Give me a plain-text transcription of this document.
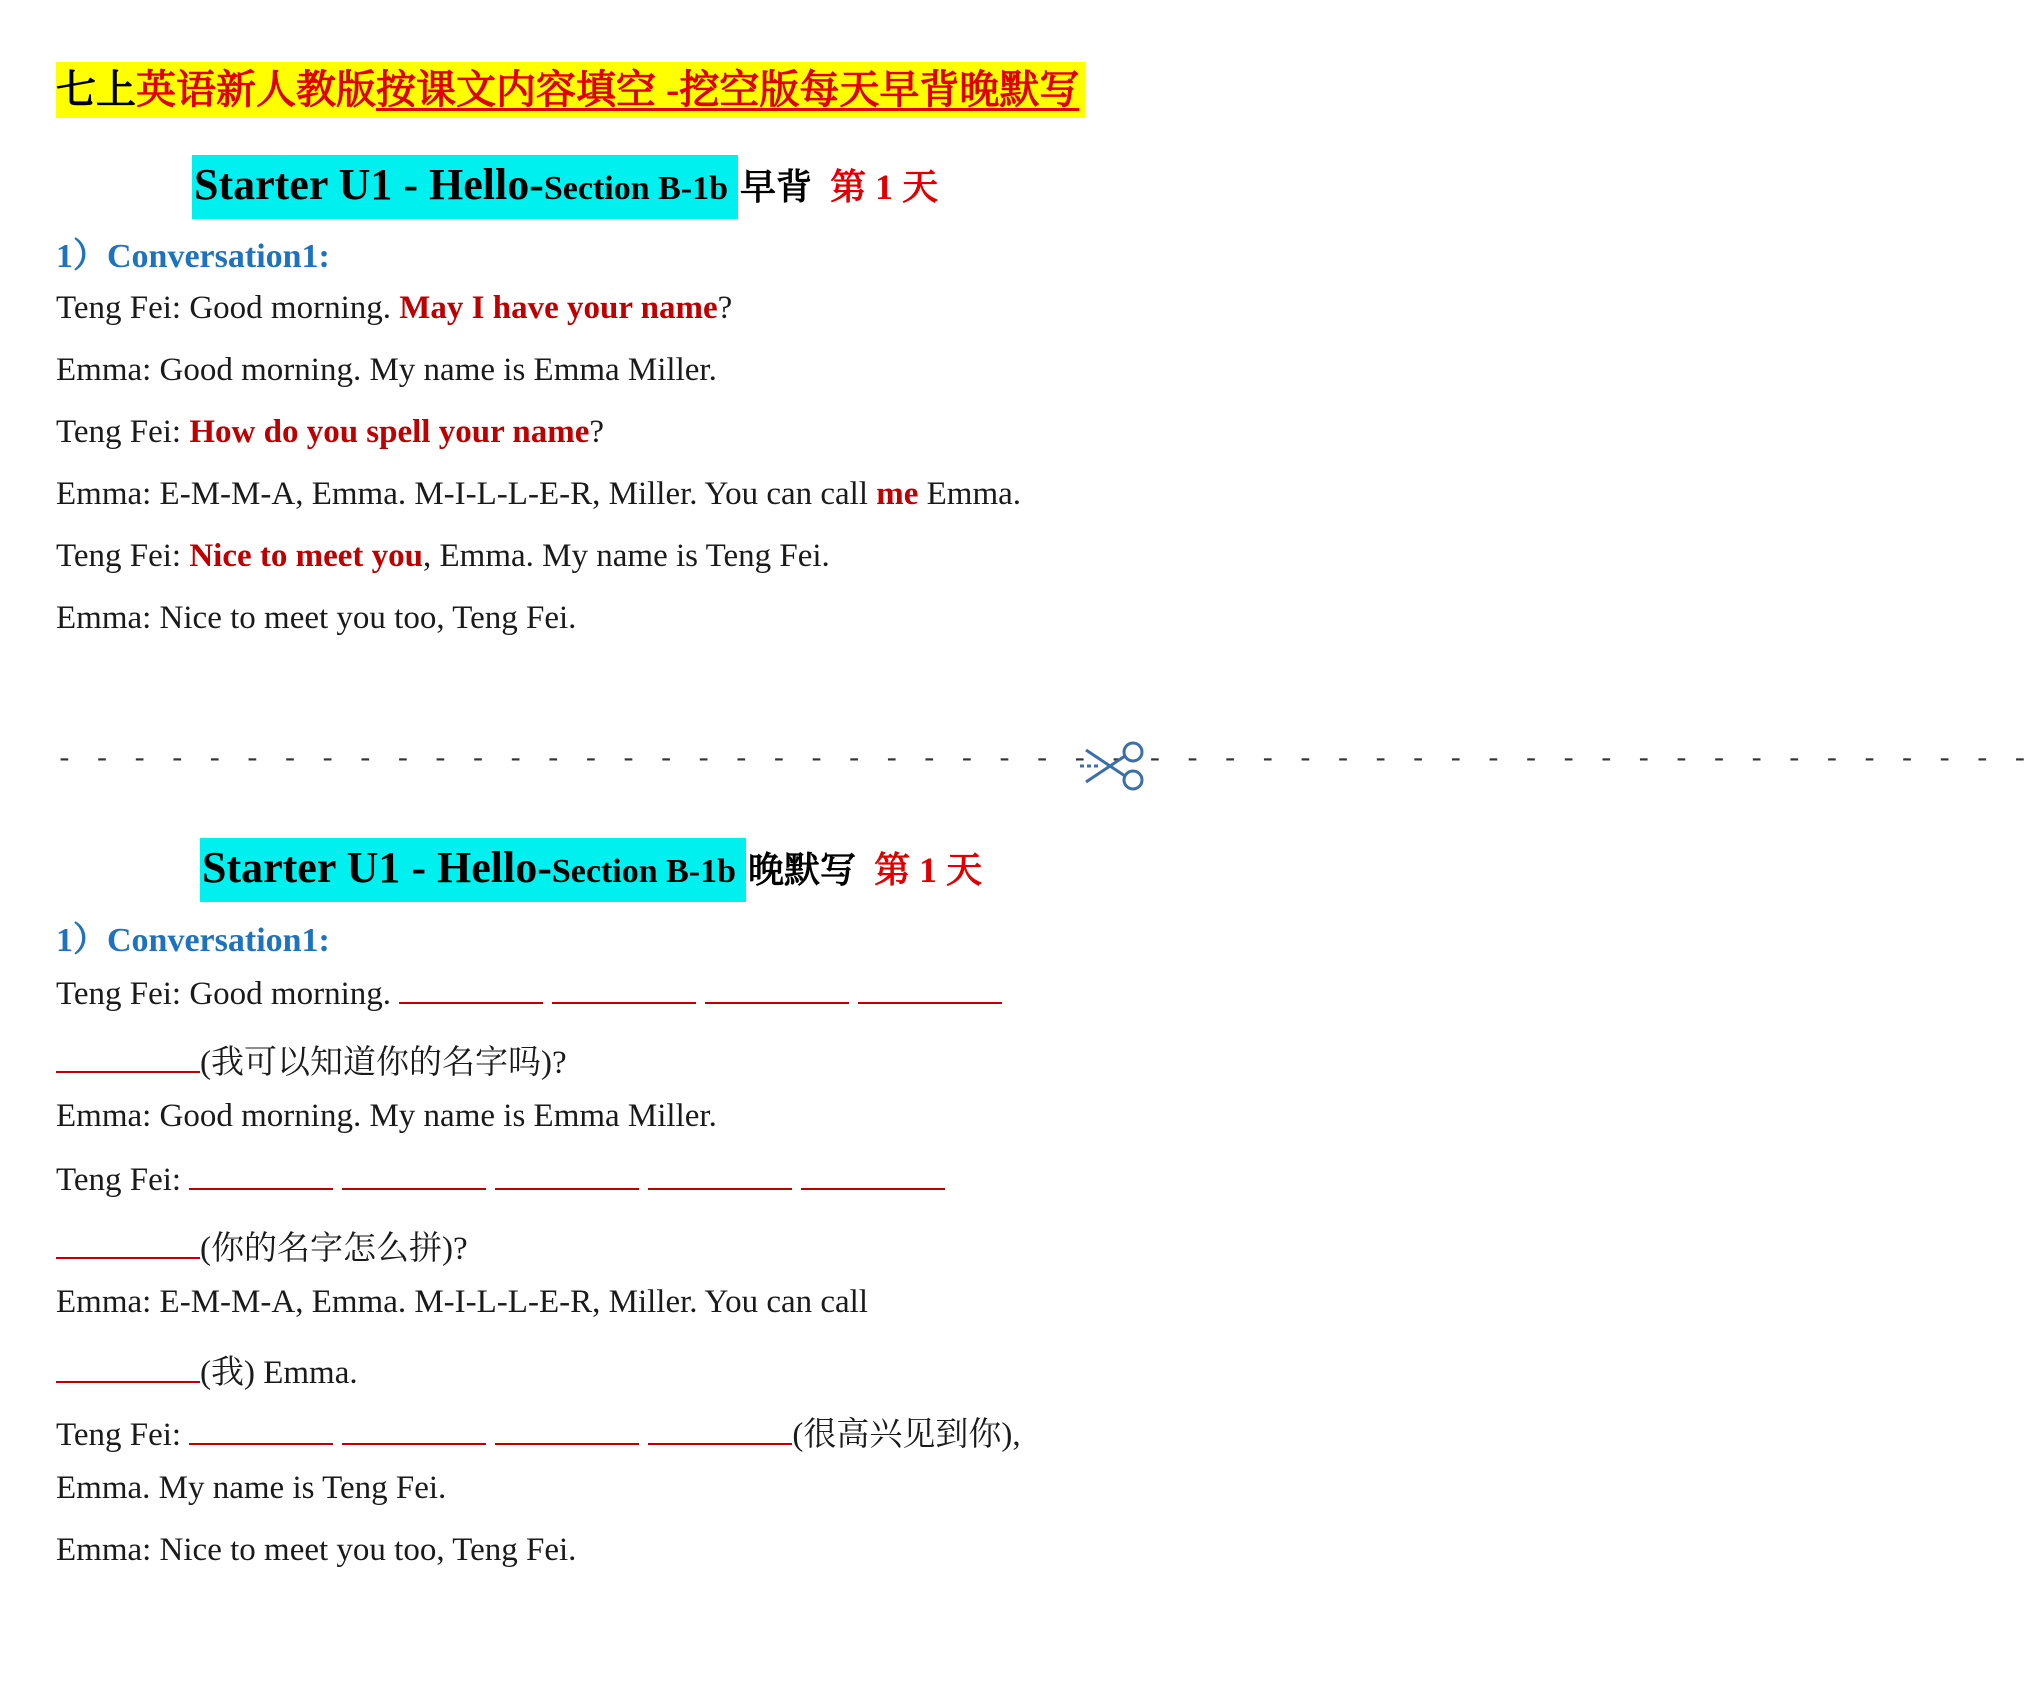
七上英语新人教版按课文内容填空 -挖空版每天早背晚默写
Starter U1 - Hello-Section B-1b 早背 第 1 天
1）Conversation1:
Teng Fei: Good morning. May I have your name?
Emma: Good morning. My name is Emma Miller.
Teng Fei: How do you spell your name?
Emma: E-M-M-A, Emma. M-I-L-L-E-R, Miller. You can call me Emma.
Teng Fei: Nice to meet you, Emma. My name is Teng Fei.
Emma: Nice to meet you too, Teng Fei.
- - - - - - - - - - - - - - - - - - - - - - - - - - - - - - - - - - - - - - - - - - - - - - - - - - - - -
Starter U1 - Hello-Section B-1b 晚默写 第 1 天
1）Conversation1:
Teng Fei: Good morning.
(我可以知道你的名字吗)?
Emma: Good morning. My name is Emma Miller.
Teng Fei:
(你的名字怎么拼)?
Emma: E-M-M-A, Emma. M-I-L-L-E-R, Miller. You can call
(我) Emma.
Teng Fei:	(很高兴见到你),
Emma. My name is Teng Fei.
Emma: Nice to meet you too, Teng Fei.
